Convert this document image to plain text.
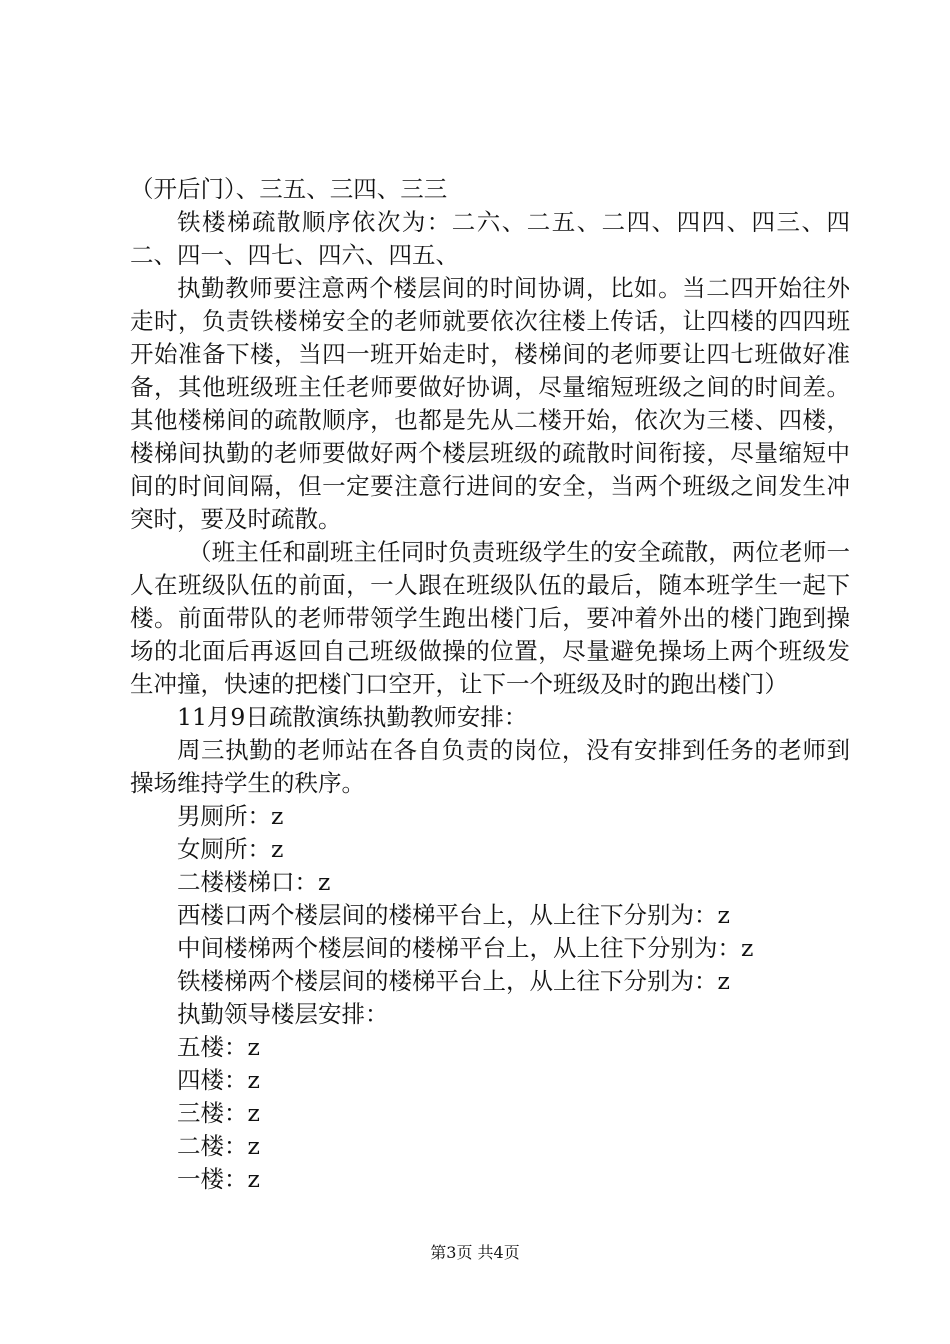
（开后门）、三五、三四、三三

铁楼梯疏散顺序依次为：二六、二五、二四、四四、四三、四二、四一、四七、四六、四五、

执勤教师要注意两个楼层间的时间协调，比如。当二四开始往外走时，负责铁楼梯安全的老师就要依次往楼上传话，让四楼的四四班开始准备下楼，当四一班开始走时，楼梯间的老师要让四七班做好准备，其他班级班主任老师要做好协调，尽量缩短班级之间的时间差。其他楼梯间的疏散顺序，也都是先从二楼开始，依次为三楼、四楼，楼梯间执勤的老师要做好两个楼层班级的疏散时间衔接，尽量缩短中间的时间间隔，但一定要注意行进间的安全，当两个班级之间发生冲突时，要及时疏散。

（班主任和副班主任同时负责班级学生的安全疏散，两位老师一人在班级队伍的前面，一人跟在班级队伍的最后，随本班学生一起下楼。前面带队的老师带领学生跑出楼门后，要冲着外出的楼门跑到操场的北面后再返回自己班级做操的位置，尽量避免操场上两个班级发生冲撞，快速的把楼门口空开，让下一个班级及时的跑出楼门）

11月9日疏散演练执勤教师安排：

周三执勤的老师站在各自负责的岗位，没有安排到任务的老师到操场维持学生的秩序。

男厕所：z

女厕所：z

二楼楼梯口：z

西楼口两个楼层间的楼梯平台上，从上往下分别为：z

中间楼梯两个楼层间的楼梯平台上，从上往下分别为：z

铁楼梯两个楼层间的楼梯平台上，从上往下分别为：z

执勤领导楼层安排：

五楼：z

四楼：z

三楼：z

二楼：z

一楼：z

第3页 共4页
